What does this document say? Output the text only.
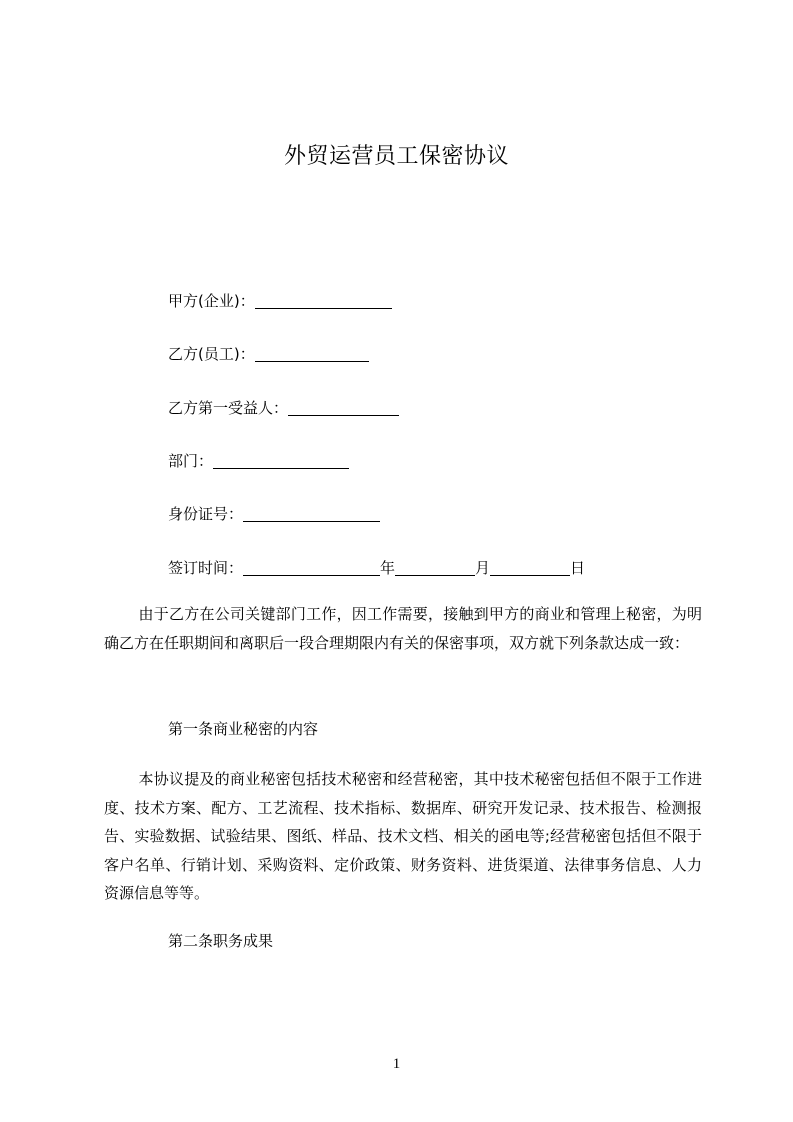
外贸运营员工保密协议
甲方(企业)：
乙方(员工)：
乙方第一受益人：
部门：
身份证号：
签订时间：	年	月	日

由于乙方在公司关键部门工作，因工作需要，接触到甲方的商业和管理上秘密，为明确乙方在任职期间和离职后一段合理期限内有关的保密事项，双方就下列条款达成一致：

第一条商业秘密的内容

本协议提及的商业秘密包括技术秘密和经营秘密，其中技术秘密包括但不限于工作进度、技术方案、配方、工艺流程、技术指标、数据库、研究开发记录、技术报告、检测报告、实验数据、试验结果、图纸、样品、技术文档、相关的函电等;经营秘密包括但不限于客户名单、行销计划、采购资料、定价政策、财务资料、进货渠道、法律事务信息、人力资源信息等等。

第二条职务成果

1
